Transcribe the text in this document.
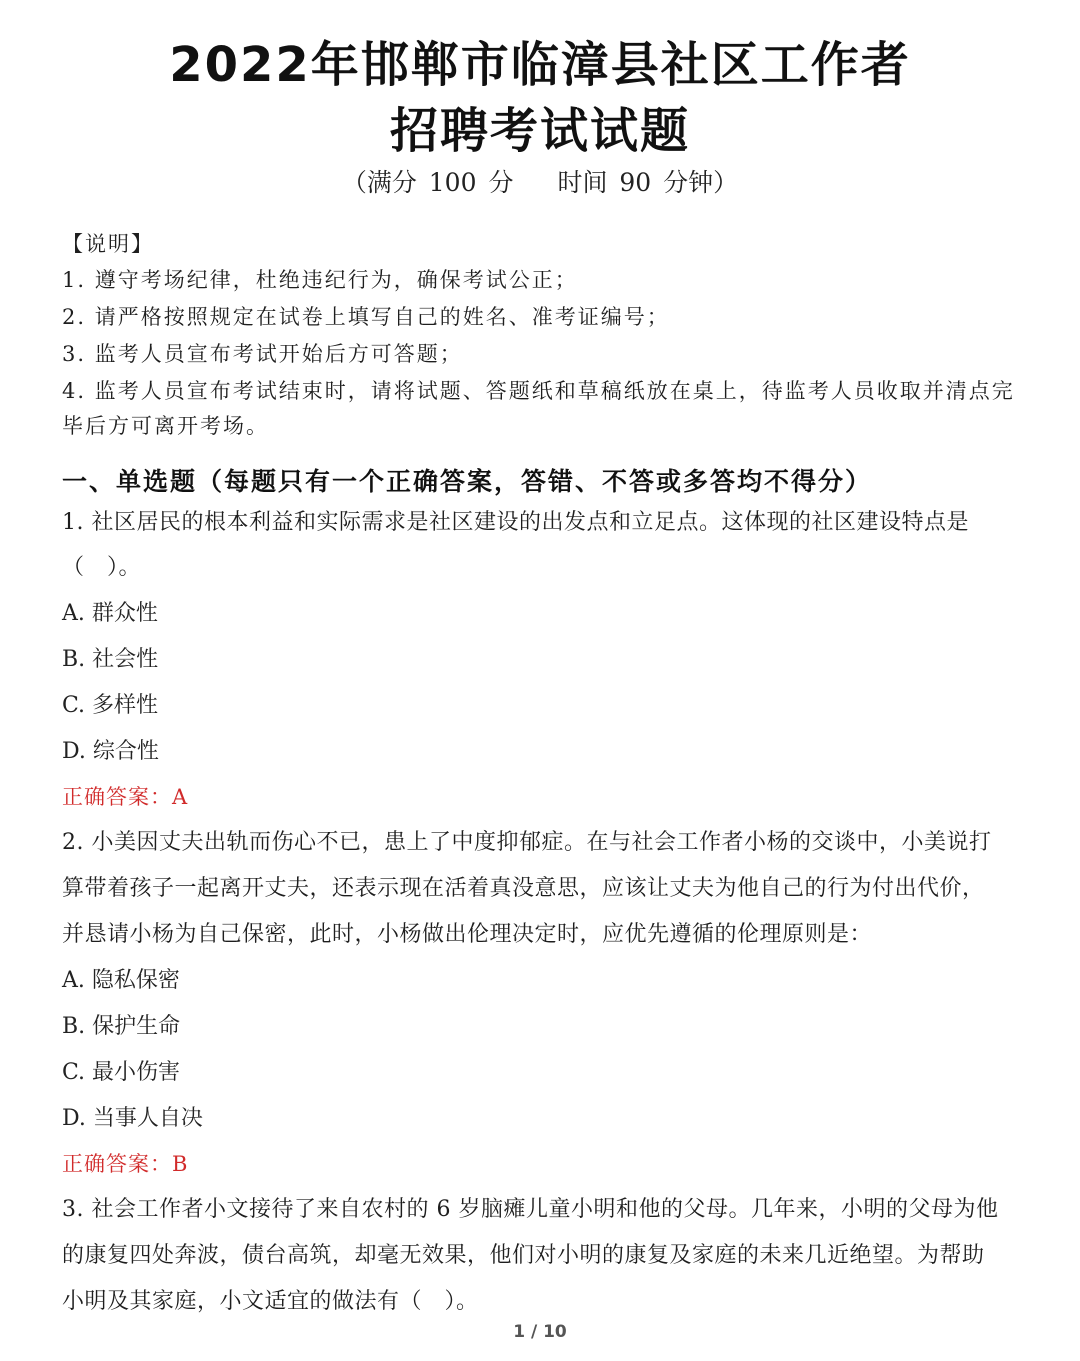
2022年邯郸市临漳县社区工作者
招聘考试试题
（满分 100 分 时间 90 分钟）
【说明】
1. 遵守考场纪律，杜绝违纪行为，确保考试公正；
2. 请严格按照规定在试卷上填写自己的姓名、准考证编号；
3. 监考人员宣布考试开始后方可答题；
4. 监考人员宣布考试结束时，请将试题、答题纸和草稿纸放在桌上，待监考人员收取并清点完
毕后方可离开考场。
一、单选题（每题只有一个正确答案，答错、不答或多答均不得分）
1. 社区居民的根本利益和实际需求是社区建设的出发点和立足点。这体现的社区建设特点是
（　）。
A. 群众性
B. 社会性
C. 多样性
D. 综合性
正确答案：A
2. 小美因丈夫出轨而伤心不已，患上了中度抑郁症。在与社会工作者小杨的交谈中，小美说打
算带着孩子一起离开丈夫，还表示现在活着真没意思，应该让丈夫为他自己的行为付出代价，
并恳请小杨为自己保密，此时，小杨做出伦理决定时，应优先遵循的伦理原则是：
A. 隐私保密
B. 保护生命
C. 最小伤害
D. 当事人自决
正确答案：B
3. 社会工作者小文接待了来自农村的 6 岁脑瘫儿童小明和他的父母。几年来，小明的父母为他
的康复四处奔波，债台高筑，却毫无效果，他们对小明的康复及家庭的未来几近绝望。为帮助
小明及其家庭，小文适宜的做法有（　）。
1 / 10
